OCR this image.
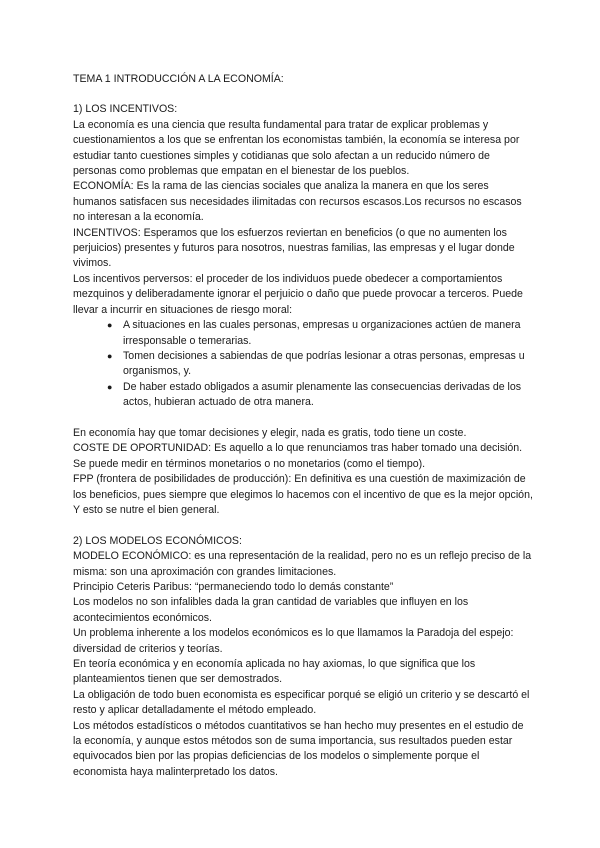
TEMA 1 INTRODUCCIÓN A LA ECONOMÍA:
1) LOS INCENTIVOS:

La economía es una ciencia que resulta fundamental para tratar de explicar problemas y cuestionamientos a los que se enfrentan los economistas también, la economía se interesa por estudiar tanto cuestiones simples y cotidianas que solo afectan a un reducido número de personas como problemas que empatan en el bienestar de los pueblos.

ECONOMÍA: Es la rama de las ciencias sociales que analiza la manera en que los seres humanos satisfacen sus necesidades ilimitadas con recursos escasos.Los recursos no escasos no interesan a la economía.

INCENTIVOS: Esperamos que los esfuerzos reviertan en beneficios (o que no aumenten los perjuicios) presentes y futuros para nosotros, nuestras familias, las empresas y el lugar donde vivimos.

Los incentivos perversos: el proceder de los individuos puede obedecer a comportamientos mezquinos y deliberadamente ignorar el perjuicio o daño que puede provocar a terceros. Puede llevar a incurrir en situaciones de riesgo moral:

● A situaciones en las cuales personas, empresas u organizaciones actúen de manera irresponsable o temerarias.
● Tomen decisiones a sabiendas de que podrías lesionar a otras personas, empresas u organismos, y.
● De haber estado obligados a asumir plenamente las consecuencias derivadas de los actos, hubieran actuado de otra manera.

En economía hay que tomar decisiones y elegir, nada es gratis, todo tiene un coste.

COSTE DE OPORTUNIDAD: Es aquello a lo que renunciamos tras haber tomado una decisión. Se puede medir en términos monetarios o no monetarios (como el tiempo).

FPP (frontera de posibilidades de producción): En definitiva es una cuestión de maximización de los beneficios, pues siempre que elegimos lo hacemos con el incentivo de que es la mejor opción, Y esto se nutre el bien general.

2) LOS MODELOS ECONÓMICOS:

MODELO ECONÓMICO: es una representación de la realidad, pero no es un reflejo preciso de la misma: son una aproximación con grandes limitaciones.

Principio Ceteris Paribus: “permaneciendo todo lo demás constante”

Los modelos no son infalibles dada la gran cantidad de variables que influyen en los acontecimientos económicos.

Un problema inherente a los modelos económicos es lo que llamamos la Paradoja del espejo: diversidad de criterios y teorías.

En teoría económica y en economía aplicada no hay axiomas, lo que significa que los planteamientos tienen que ser demostrados.

La obligación de todo buen economista es especificar porqué se eligió un criterio y se descartó el resto y aplicar detalladamente el método empleado.

Los métodos estadísticos o métodos cuantitativos se han hecho muy presentes en el estudio de la economía, y aunque estos métodos son de suma importancia, sus resultados pueden estar equivocados bien por las propias deficiencias de los modelos o simplemente porque el economista haya malinterpretado los datos.
